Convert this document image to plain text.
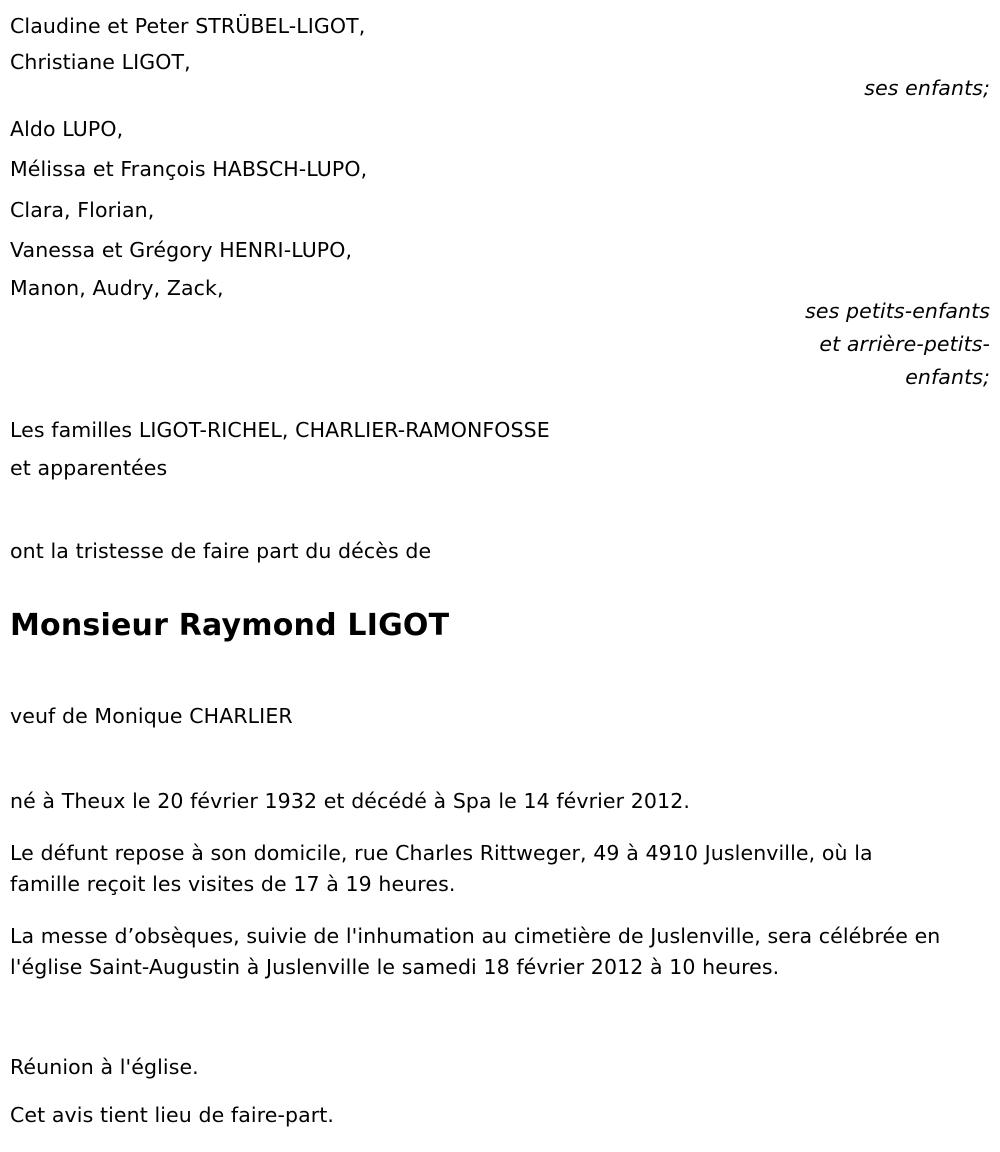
Claudine et Peter STRÜBEL-LIGOT,
Christiane LIGOT,
ses enfants;
Aldo LUPO,
Mélissa et François HABSCH-LUPO,
Clara, Florian,
Vanessa et Grégory HENRI-LUPO,
Manon, Audry, Zack,
ses petits-enfants
et arrière-petits-
enfants;
Les familles LIGOT-RICHEL, CHARLIER-RAMONFOSSE
et apparentées
ont la tristesse de faire part du décès de
Monsieur Raymond LIGOT
veuf de Monique CHARLIER
né à Theux le 20 février 1932 et décédé à Spa le 14 février 2012.
Le défunt repose à son domicile, rue Charles Rittweger, 49 à 4910 Juslenville, où la famille reçoit les visites de 17 à 19 heures.
La messe d’obsèques, suivie de l'inhumation au cimetière de Juslenville, sera célébrée en l'église Saint-Augustin à Juslenville le samedi 18 février 2012 à 10 heures.
Réunion à l'église.
Cet avis tient lieu de faire-part.
